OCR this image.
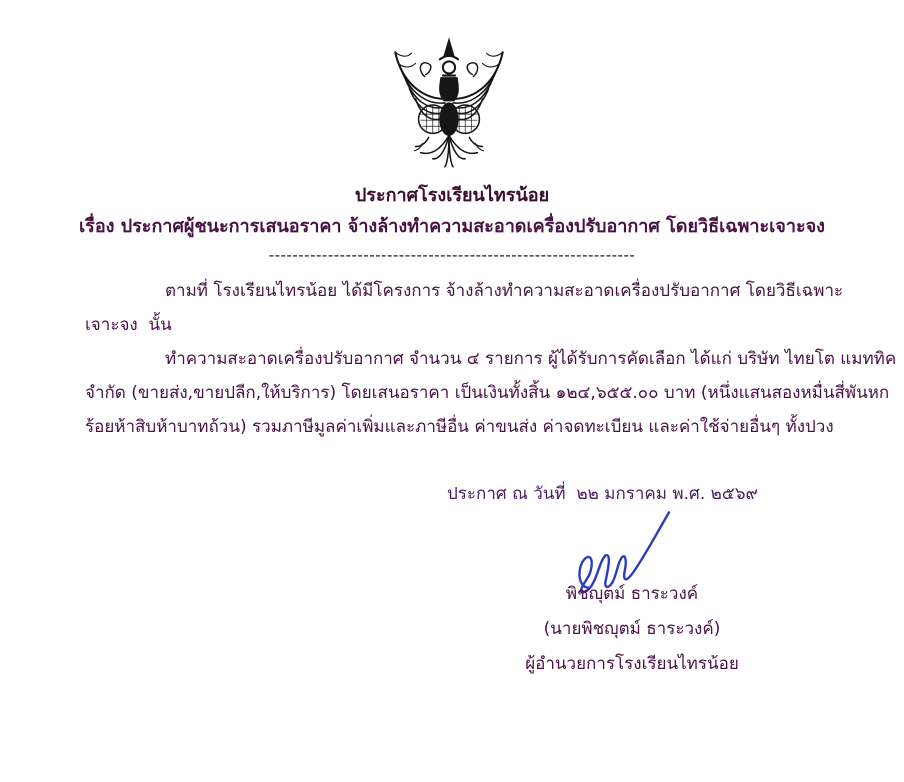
ประกาศโรงเรียนไทรน้อย
เรื่อง ประกาศผู้ชนะการเสนอราคา จ้างล้างทำความสะอาดเครื่องปรับอากาศ โดยวิธีเฉพาะเจาะจง
--------------------------------------------------------------
ตามที่ โรงเรียนไทรน้อย ได้มีโครงการ จ้างล้างทำความสะอาดเครื่องปรับอากาศ โดยวิธีเฉพาะ
เจาะจง  นั้น
ทำความสะอาดเครื่องปรับอากาศ จำนวน ๔ รายการ ผู้ได้รับการคัดเลือก ได้แก่ บริษัท ไทยโต แมททิค
จำกัด (ขายส่ง,ขายปลีก,ให้บริการ) โดยเสนอราคา เป็นเงินทั้งสิ้น ๑๒๔,๖๕๕.๐๐ บาท (หนึ่งแสนสองหมื่นสี่พันหก
ร้อยห้าสิบห้าบาทถ้วน) รวมภาษีมูลค่าเพิ่มและภาษีอื่น ค่าขนส่ง ค่าจดทะเบียน และค่าใช้จ่ายอื่นๆ ทั้งปวง
ประกาศ ณ วันที่  ๒๒ มกราคม พ.ศ. ๒๕๖๙
พิชญุตม์ ธาระวงค์
(นายพิชญุตม์ ธาระวงค์)
ผู้อำนวยการโรงเรียนไทรน้อย
